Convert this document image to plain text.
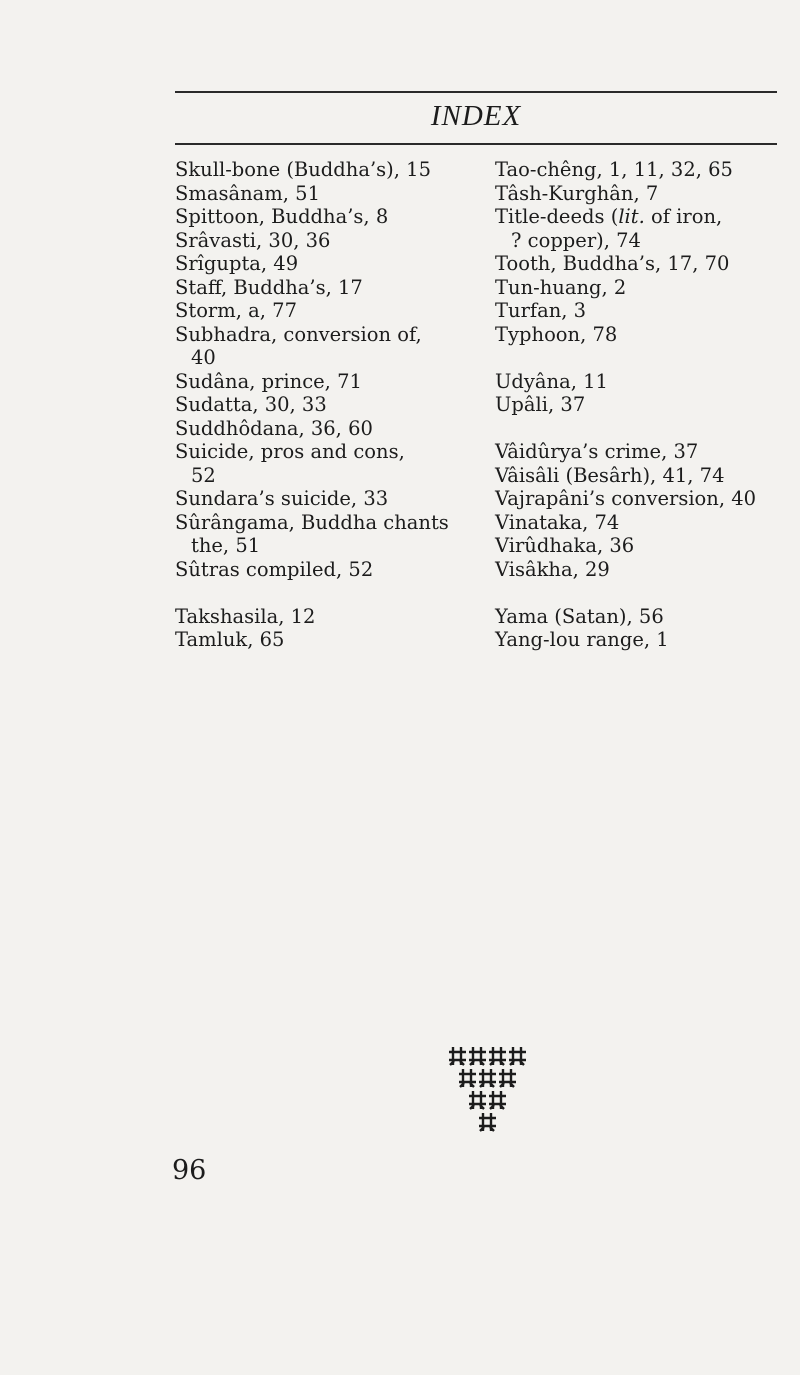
INDEX
Skull-bone (Buddha’s), 15
Smasânam, 51
Spittoon, Buddha’s, 8
Srâvasti, 30, 36
Srîgupta, 49
Staff, Buddha’s, 17
Storm, a, 77
Subhadra, conversion of,
40
Sudâna, prince, 71
Sudatta, 30, 33
Suddhôdana, 36, 60
Suicide, pros and cons,
52
Sundara’s suicide, 33
Sûrângama, Buddha chants
the, 51
Sûtras compiled, 52
Takshasila, 12
Tamluk, 65
Tao-chêng, 1, 11, 32, 65
Tâsh-Kurghân, 7
Title-deeds (lit. of iron,
? copper), 74
Tooth, Buddha’s, 17, 70
Tun-huang, 2
Turfan, 3
Typhoon, 78
Udyâna, 11
Upâli, 37
Vâidûrya’s crime, 37
Vâisâli (Besârh), 41, 74
Vajrapâni’s conversion, 40
Vinataka, 74
Virûdhaka, 36
Visâkha, 29
Yama (Satan), 56
Yang-lou range, 1
96
